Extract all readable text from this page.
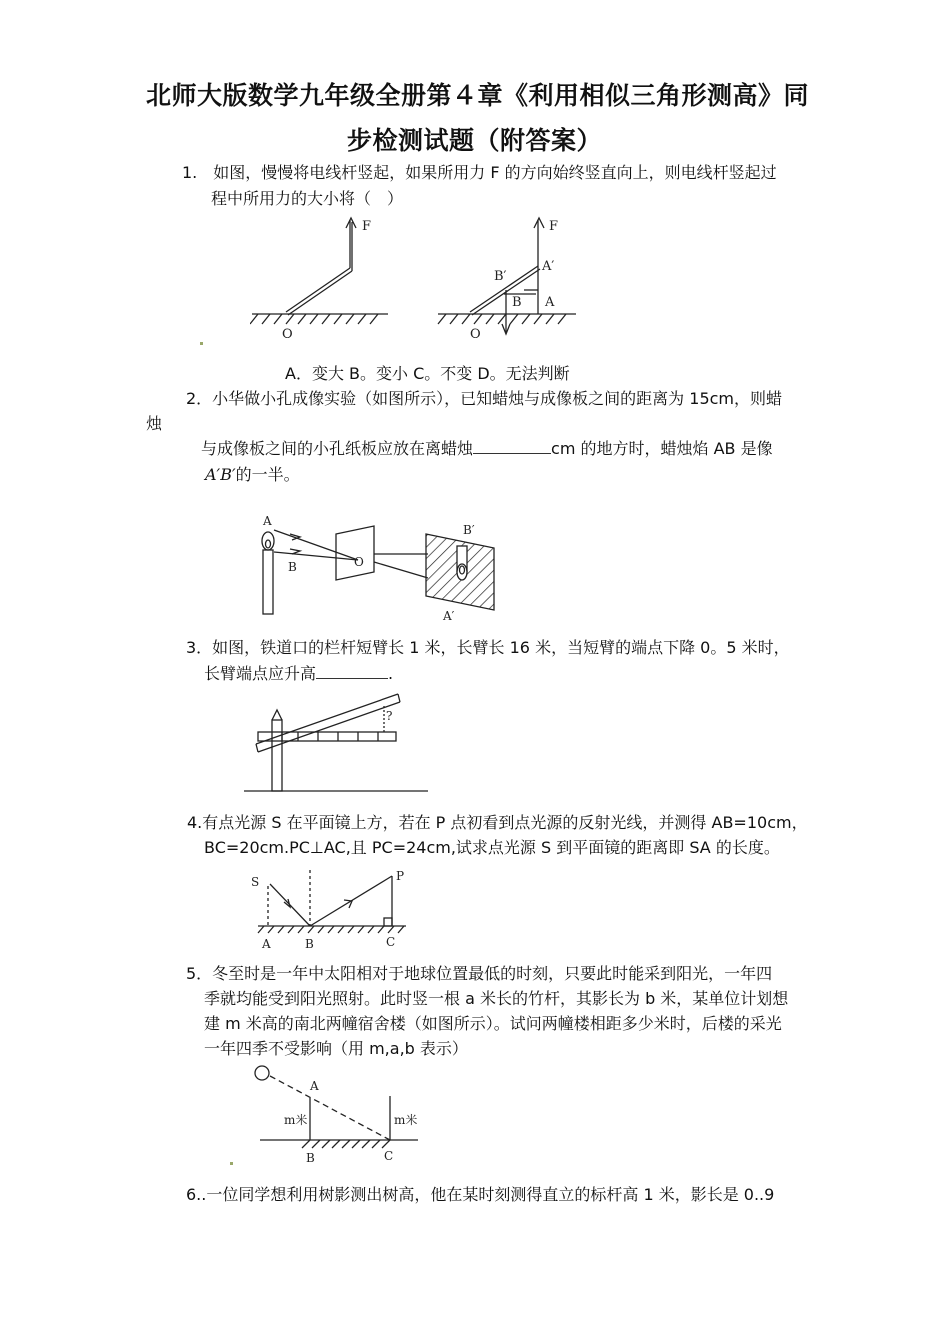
北师大版数学九年级全册第４章《利用相似三角形测高》同
步检测试题（附答案）
1.　如图，慢慢将电线杆竖起，如果所用力 F 的方向始终竖直向上，则电线杆竖起过
程中所用力的大小将（　）
F
O
F
B′
A′
B A
O
A．变大 B。变小 C。不变 D。无法判断
2．小华做小孔成像实验（如图所示），已知蜡烛与成像板之间的距离为 15cm，则蜡
烛
与成像板之间的小孔纸板应放在离蜡烛	cm 的地方时，蜡烛焰 AB 是像
A′B′的一半。
A
B	O
B′
A′
3．如图，铁道口的栏杆短臂长 1 米，长臂长 16 米，当短臂的端点下降 0。5 米时，
长臂端点应升高	.
?
4.有点光源 S 在平面镜上方，若在 P 点初看到点光源的反射光线，并测得 AB=10cm，
BC=20cm.PC⊥AC,且 PC=24cm,试求点光源 S 到平面镜的距离即 SA 的长度。
S	P
A	B	C
5．冬至时是一年中太阳相对于地球位置最低的时刻，只要此时能采到阳光，一年四
季就均能受到阳光照射。此时竖一根 a 米长的竹杆，其影长为 b 米，某单位计划想
建 m 米高的南北两幢宿舍楼（如图所示）。试问两幢楼相距多少米时，后楼的采光
一年四季不受影响（用 m,a,b 表示）
A
m米	m米
B	C
6..一位同学想利用树影测出树高，他在某时刻测得直立的标杆高 1 米，影长是 0..9
